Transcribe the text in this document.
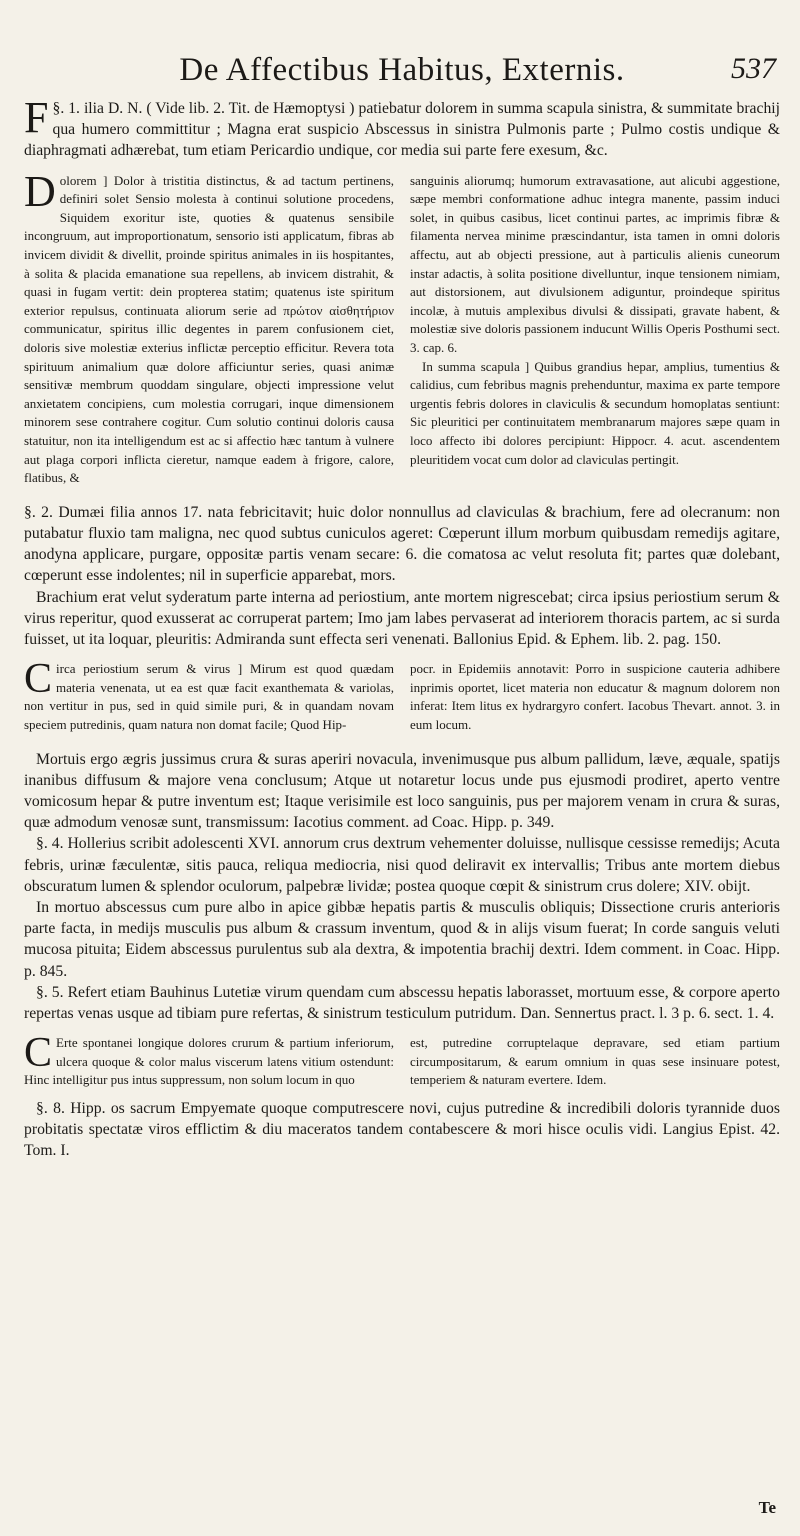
De Affectibus Habitus, Externis.	537

§. 1.
F ilia D. N. ( Vide lib. 2. Tit. de Hæmoptysi ) patiebatur dolorem in summa scapula sinistra, & summitate brachij qua humero committitur ; Magna erat suspicio Abscessus in sinistra Pulmonis parte ; Pulmo costis undique & diaphragmati adhærebat, tum etiam Pericardio undique, cor media sui parte fere exesum, &c.

D olorem ] Dolor à tristitia distinctus, & ad tactum pertinens, definiri solet Sensio molesta à continui solutione procedens, Siquidem exoritur iste, quoties & quatenus sensibile incongruum, aut improportionatum, sensorio isti applicatum, fibras ab invicem dividit & divellit, proinde spiritus animales in iis hospitantes, à solita & placida emanatione sua repellens, ab invicem distrahit, & quasi in fugam vertit: dein propterea statim; quatenus iste spiritum exterior repulsus, continuata aliorum serie ad πρώτον αἰσθητήριον communicatur, spiritus illic degentes in parem confusionem ciet, doloris sive molestiæ exterius inflictæ perceptio efficitur. Revera tota spirituum animalium quæ dolore afficiuntur series, quasi animæ sensitivæ membrum quoddam singulare, objecti impressione velut anxietatem concipiens, cum molestia corrugari, inque dimensionem minorem sese contrahere cogitur. Cum solutio continui doloris causa statuitur, non ita intelligendum est ac si affectio hæc tantum à vulnere aut plaga corpori inflicta cieretur, namque eadem à frigore, calore, flatibus, &

sanguinis aliorumq; humorum extravasatione, aut alicubi aggestione, sæpe membri conformatione adhuc integra manente, passim induci solet, in quibus casibus, licet continui partes, ac imprimis fibræ & filamenta nervea minime præscindantur, ista tamen in omni doloris affectu, aut ab objecti pressione, aut à particulis alienis cuneorum instar adactis, à solita positione divelluntur, inque tensionem nimiam, aut distorsionem, aut divulsionem adiguntur, proindeque spiritus incolæ, à mutuis amplexibus divulsi & dissipati, gravate habent, & molestiæ sive doloris passionem inducunt Willis Operis Posthumi sect. 3. cap. 6.

In summa scapula ] Quibus grandius hepar, amplius, tumentius & calidius, cum febribus magnis prehenduntur, maxima ex parte tempore urgentis febris dolores in claviculis & secundum homoplatas sentiunt: Sic pleuritici per continuitatem membranarum majores sæpe quam in loco affecto ibi dolores percipiunt: Hippocr. 4. acut. ascendentem pleuritidem vocat cum dolor ad claviculas pertingit.

§. 2. Dumæi filia annos 17. nata febricitavit; huic dolor nonnullus ad claviculas & brachium, fere ad olecranum: non putabatur fluxio tam maligna, nec quod subtus cuniculos ageret: Cœperunt illum morbum quibusdam remedijs agitare, anodyna applicare, purgare, oppositæ partis venam secare: 6. die comatosa ac velut resoluta fit; partes quæ dolebant, cœperunt esse indolentes; nil in superficie apparebat, mors.

Brachium erat velut syderatum parte interna ad periostium, ante mortem nigrescebat; circa ipsius periostium serum & virus reperitur, quod exusserat ac corruperat partem; Imo jam labes pervaserat ad interiorem thoracis partem, ac si surda fuisset, ut ita loquar, pleuritis: Admiranda sunt effecta seri venenati. Ballonius Epid. & Ephem. lib. 2. pag. 150.

C irca periostium serum & virus ] Mirum est quod quædam materia venenata, ut ea est quæ facit exanthemata & variolas, non vertitur in pus, sed in quid simile puri, & in quandam novam speciem putredinis, quam natura non domat facile; Quod Hip-
pocr. in Epidemiis annotavit: Porro in suspicione cauteria adhibere inprimis oportet, licet materia non educatur & magnum dolorem non inferat: Item litus ex hydrargyro confert. Iacobus Thevart. annot. 3. in eum locum.

Mortuis ergo ægris jussimus crura & suras aperiri novacula, invenimusque pus album pallidum, læve, æquale, spatijs inanibus diffusum & majore vena conclusum; Atque ut notaretur locus unde pus ejusmodi prodiret, aperto ventre vomicosum hepar & putre inventum est; Itaque verisimile est loco sanguinis, pus per majorem venam in crura & suras, quæ admodum venosæ sunt, transmissum: Iacotius comment. ad Coac. Hipp. p. 349.

§. 4. Hollerius scribit adolescenti XVI. annorum crus dextrum vehementer doluisse, nullisque cessisse remedijs; Acuta febris, urinæ fæculentæ, sitis pauca, reliqua mediocria, nisi quod deliravit ex intervallis; Tribus ante mortem diebus obscuratum lumen & splendor oculorum, palpebræ lividæ; postea quoque cœpit & sinistrum crus dolere; XIV. obijt.

In mortuo abscessus cum pure albo in apice gibbæ hepatis partis & musculis obliquis; Dissectione cruris anterioris parte facta, in medijs musculis pus album & crassum inventum, quod & in alijs visum fuerat; In corde sanguis veluti mucosa pituita; Eidem abscessus purulentus sub ala dextra, & impotentia brachij dextri. Idem comment. in Coac. Hipp. p. 845.

§. 5. Refert etiam Bauhinus Lutetiæ virum quendam cum abscessu hepatis laborasset, mortuum esse, & corpore aperto repertas venas usque ad tibiam pure refertas, & sinistrum testiculum putridum. Dan. Sennertus pract. l. 3 p. 6. sect. 1. 4.

C Erte spontanei longique dolores crurum & partium inferiorum, ulcera quoque & color malus viscerum latens vitium ostendunt: Hinc intelligitur pus intus suppressum, non solum locum in quo
est, putredine corruptelaque depravare, sed etiam partium circumpositarum, & earum omnium in quas sese insinuare potest, temperiem & naturam evertere. Idem.

§. 8. Hipp. os sacrum Empyemate quoque computrescere novi, cujus putredine & incredibili doloris tyrannide duos probitatis spectatæ viros efflictim & diu maceratos tandem contabescere & mori hisce oculis vidi. Langius Epist. 42. Tom. I.

Te
